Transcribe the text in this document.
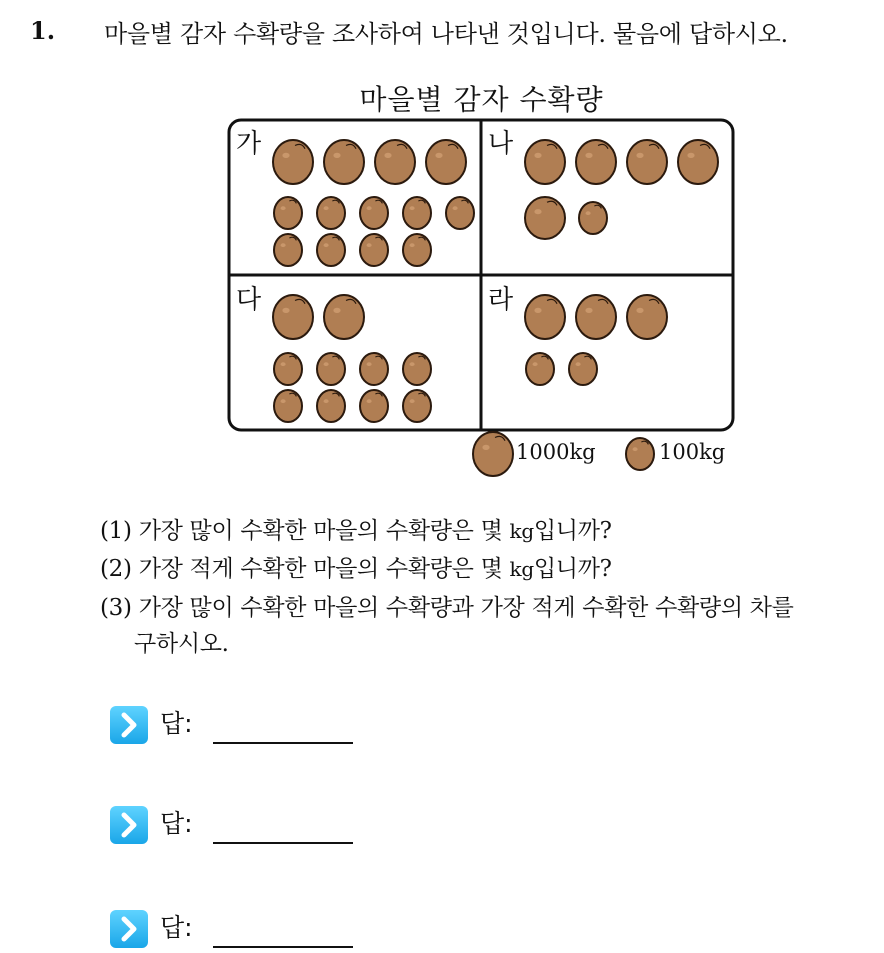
1. 마을별 감자 수확량을 조사하여 나타낸 것입니다. 물음에 답하시오.
마을별 감자 수확량
가	나
다	라
1000kg	100kg
(1) 가장 많이 수확한 마을의 수확량은 몇 kg입니까?
(2) 가장 적게 수확한 마을의 수확량은 몇 kg입니까?
(3) 가장 많이 수확한 마을의 수확량과 가장 적게 수확한 수확량의 차를
구하시오.
답:
답:
답:
